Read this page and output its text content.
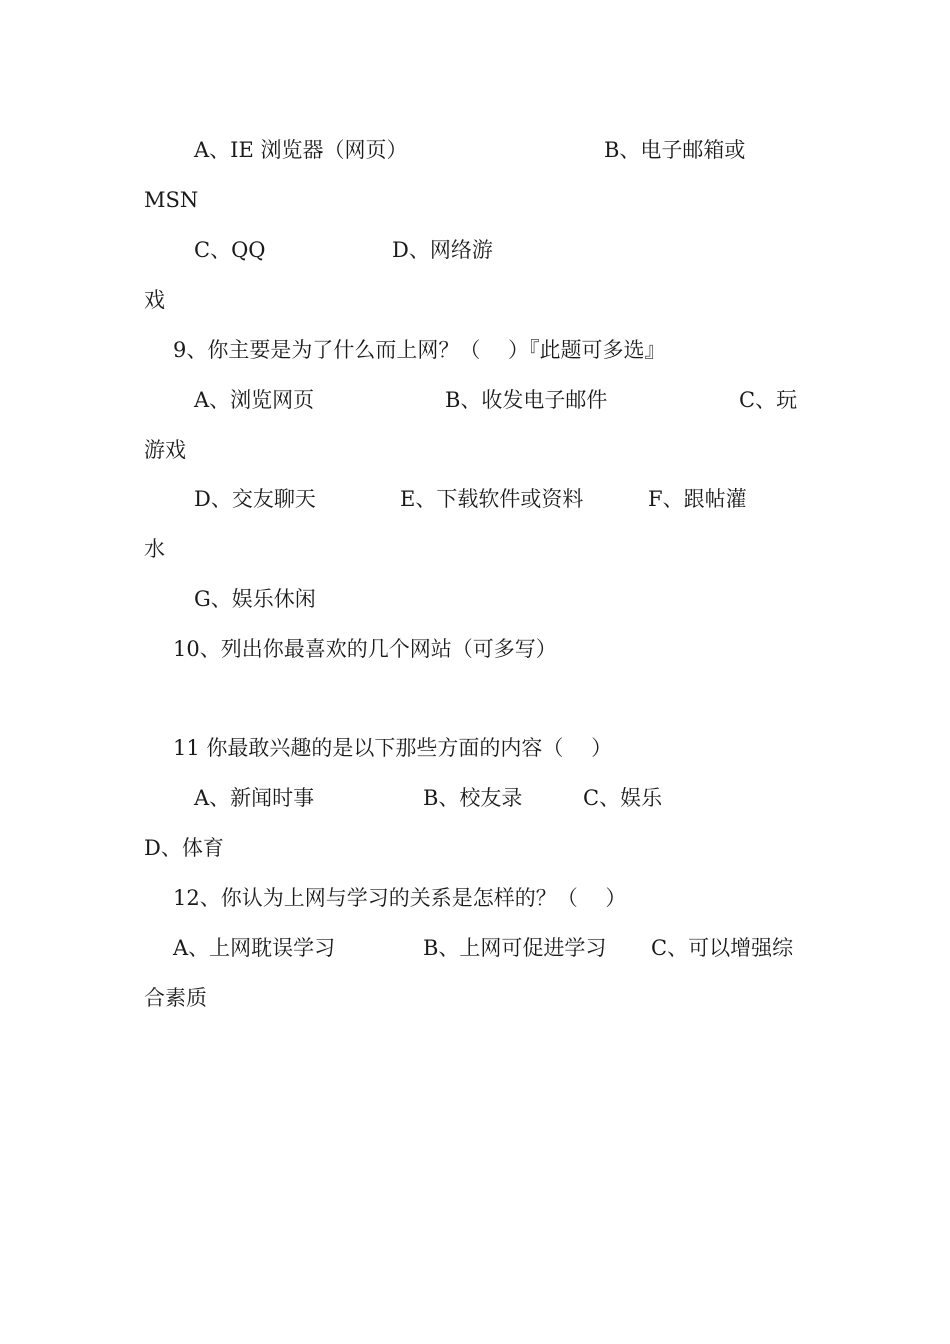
A、IE 浏览器（网页）	B、电子邮箱或
MSN
C、QQ	D、网络游
戏
9、你主要是为了什么而上网？（　 ）『此题可多选』
A、浏览网页	B、收发电子邮件	C、玩
游戏
D、交友聊天	E、下载软件或资料	F、跟帖灌
水
G、娱乐休闲
10、列出你最喜欢的几个网站（可多写）
11 你最敢兴趣的是以下那些方面的内容（　 ）
A、新闻时事	B、校友录	C、娱乐
D、体育
12、你认为上网与学习的关系是怎样的？（　 ）
A、上网耽误学习	B、上网可促进学习 C、可以增强综
合素质
